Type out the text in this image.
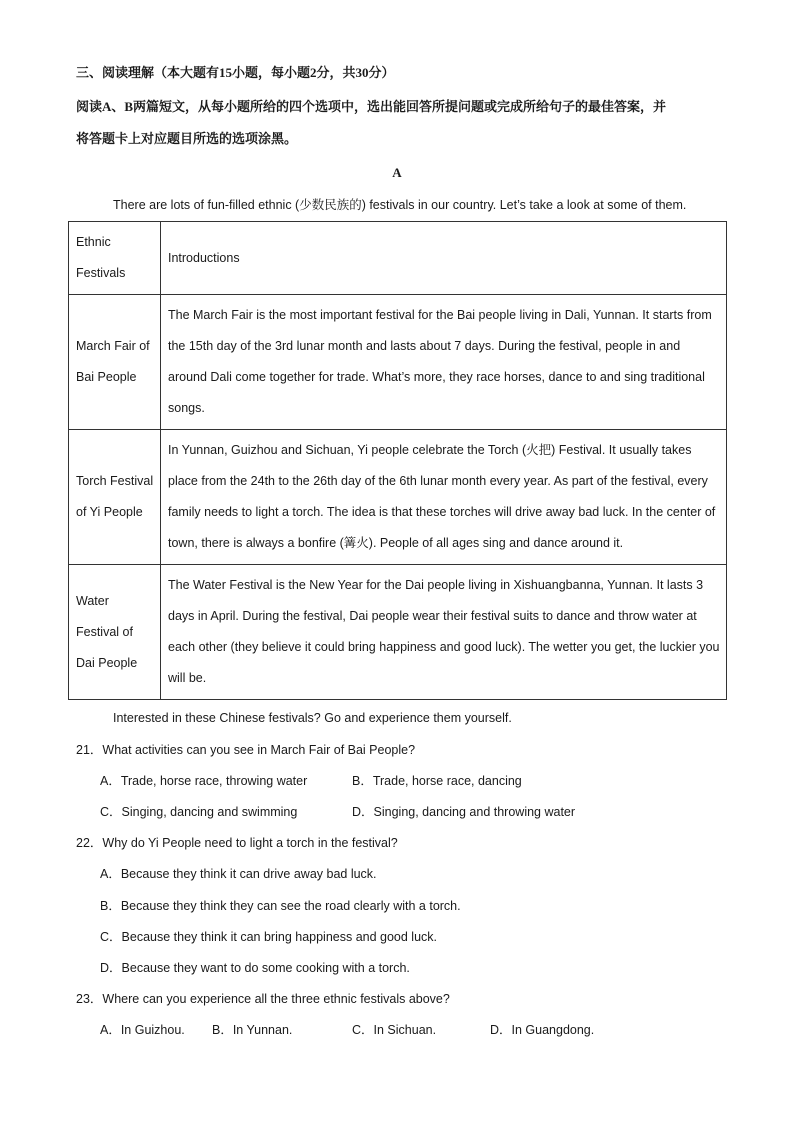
三、阅读理解（本大题有15小题，每小题2分，共30分）
阅读A、B两篇短文，从每小题所给的四个选项中，选出能回答所提问题或完成所给句子的最佳答案，并
将答题卡上对应题目所选的选项涂黑。
A
There are lots of fun-filled ethnic (少数民族的) festivals in our country. Let’s take a look at some of them.
Ethnic Festivals	Introductions
March Fair of Bai People	The March Fair is the most important festival for the Bai people living in Dali, Yunnan. It starts from the 15th day of the 3rd lunar month and lasts about 7 days. During the festival, people in and around Dali come together for trade. What’s more, they race horses, dance to and sing traditional songs.
Torch Festival of Yi People	In Yunnan, Guizhou and Sichuan, Yi people celebrate the Torch (火把) Festival. It usually takes place from the 24th to the 26th day of the 6th lunar month every year. As part of the festival, every family needs to light a torch. The idea is that these torches will drive away bad luck. In the center of town, there is always a bonfire (篝火). People of all ages sing and dance around it.
Water Festival of Dai People	The Water Festival is the New Year for the Dai people living in Xishuangbanna, Yunnan. It lasts 3 days in April. During the festival, Dai people wear their festival suits to dance and throw water at each other (they believe it could bring happiness and good luck). The wetter you get, the luckier you will be.
Interested in these Chinese festivals? Go and experience them yourself.
21．What activities can you see in March Fair of Bai People?
A．Trade, horse race, throwing water	B．Trade, horse race, dancing
C．Singing, dancing and swimming	D．Singing, dancing and throwing water
22．Why do Yi People need to light a torch in the festival?
A．Because they think it can drive away bad luck.
B．Because they think they can see the road clearly with a torch.
C．Because they think it can bring happiness and good luck.
D．Because they want to do some cooking with a torch.
23．Where can you experience all the three ethnic festivals above?
A．In Guizhou. B．In Yunnan.	C．In Sichuan.	D．In Guangdong.
